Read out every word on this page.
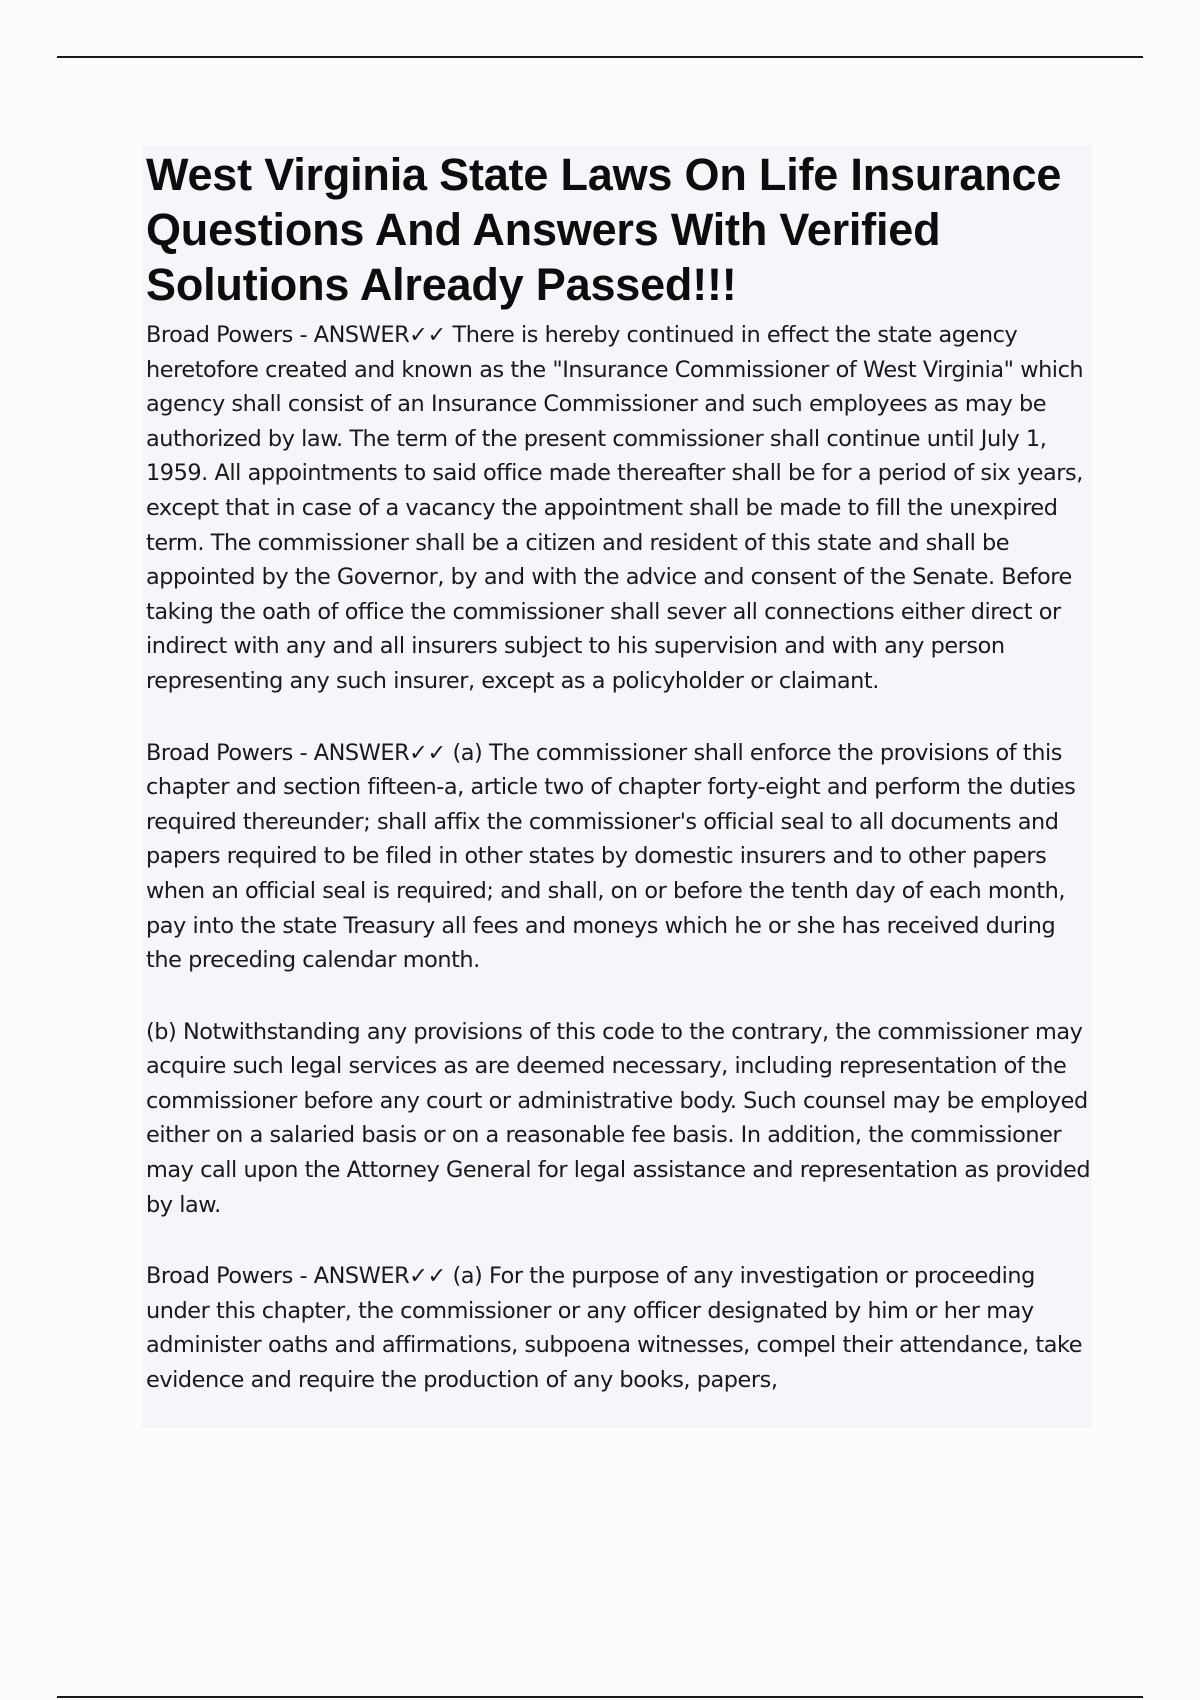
West Virginia State Laws On Life Insurance Questions And Answers With Verified Solutions Already Passed!!!

Broad Powers - ANSWER✓✓ There is hereby continued in effect the state agency heretofore created and known as the "Insurance Commissioner of West Virginia" which agency shall consist of an Insurance Commissioner and such employees as may be authorized by law. The term of the present commissioner shall continue until July 1, 1959. All appointments to said office made thereafter shall be for a period of six years, except that in case of a vacancy the appointment shall be made to fill the unexpired term. The commissioner shall be a citizen and resident of this state and shall be appointed by the Governor, by and with the advice and consent of the Senate. Before taking the oath of office the commissioner shall sever all connections either direct or indirect with any and all insurers subject to his supervision and with any person representing any such insurer, except as a policyholder or claimant.

Broad Powers - ANSWER✓✓ (a) The commissioner shall enforce the provisions of this chapter and section fifteen-a, article two of chapter forty-eight and perform the duties required thereunder; shall affix the commissioner's official seal to all documents and papers required to be filed in other states by domestic insurers and to other papers when an official seal is required; and shall, on or before the tenth day of each month, pay into the state Treasury all fees and moneys which he or she has received during the preceding calendar month.

(b) Notwithstanding any provisions of this code to the contrary, the commissioner may acquire such legal services as are deemed necessary, including representation of the commissioner before any court or administrative body. Such counsel may be employed either on a salaried basis or on a reasonable fee basis. In addition, the commissioner may call upon the Attorney General for legal assistance and representation as provided by law.

Broad Powers - ANSWER✓✓ (a) For the purpose of any investigation or proceeding under this chapter, the commissioner or any officer designated by him or her may administer oaths and affirmations, subpoena witnesses, compel their attendance, take evidence and require the production of any books, papers,
